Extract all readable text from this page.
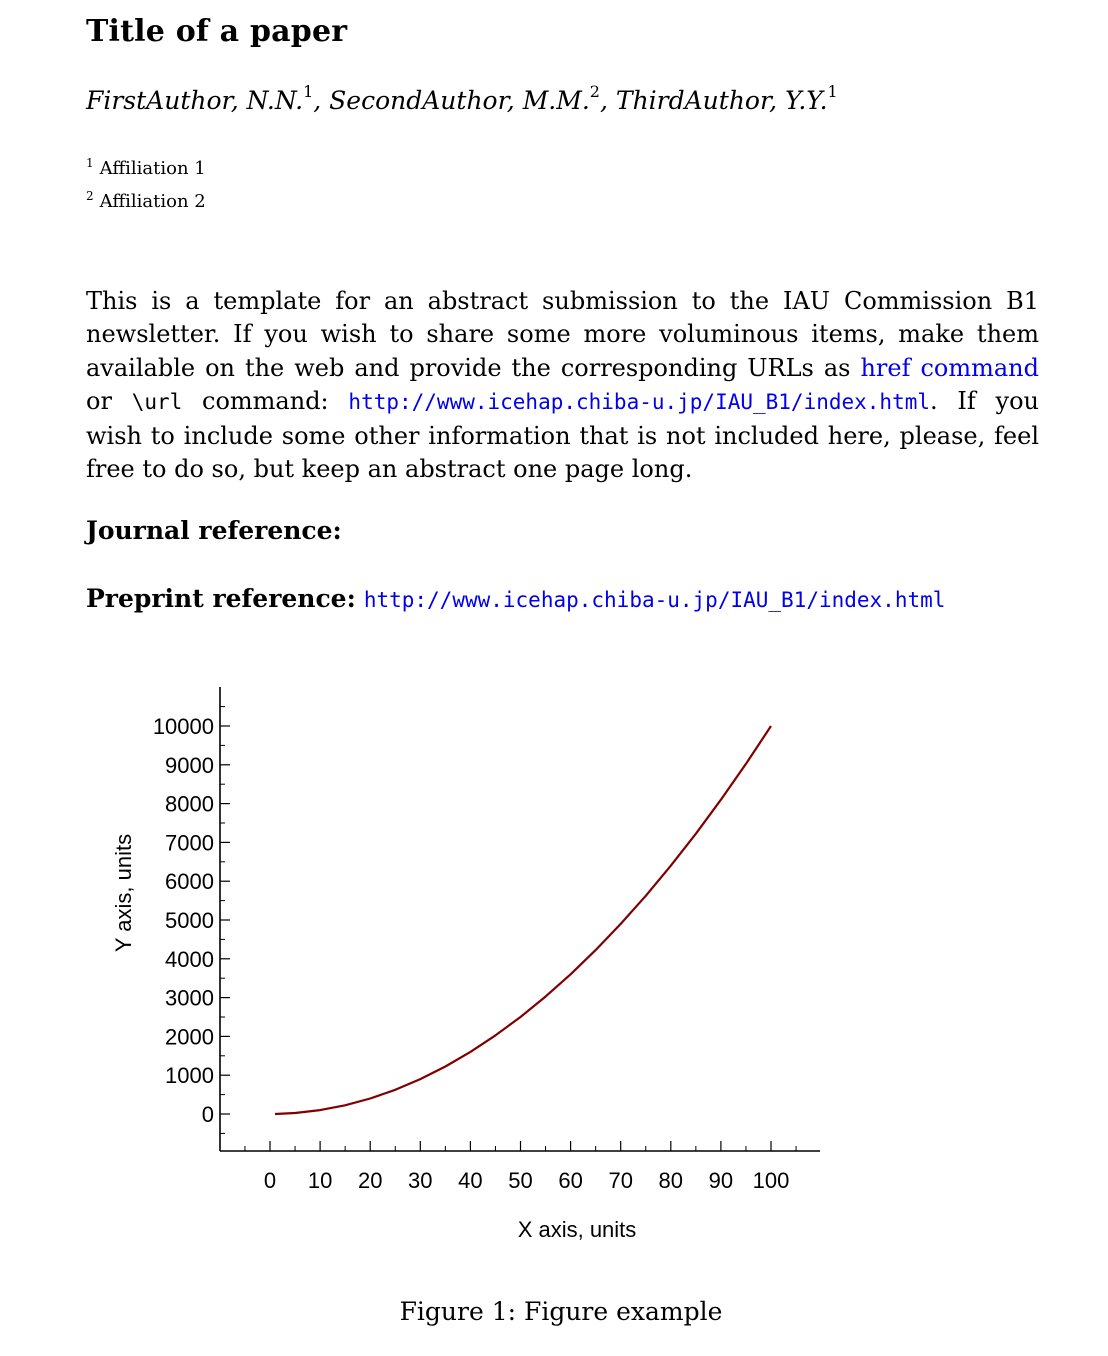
Title of a paper
FirstAuthor, N.N.$^1$, SecondAuthor, M.M.$^2$, ThirdAuthor, Y.Y.$^1$
$^1$ Affiliation 1
$^2$ Affiliation 2
This is a template for an abstract submission to the IAU Commission B1 newsletter. If you wish to share some more voluminous items, make them available on the web and provide the corresponding URLs as href command or \url command: http://www.icehap.chiba-u.jp/IAU_B1/index.html. If you wish to include some other information that is not included here, please, feel free to do so, but keep an abstract one page long.
Journal reference:
Preprint reference: http://www.icehap.chiba-u.jp/IAU_B1/index.html
0 10 20 30 40 50 60 70 80 90 100
0
1000
2000
3000
4000
5000
6000
7000
8000
9000
10000
X axis, units
Y axis, units
Figure 1: Figure example
